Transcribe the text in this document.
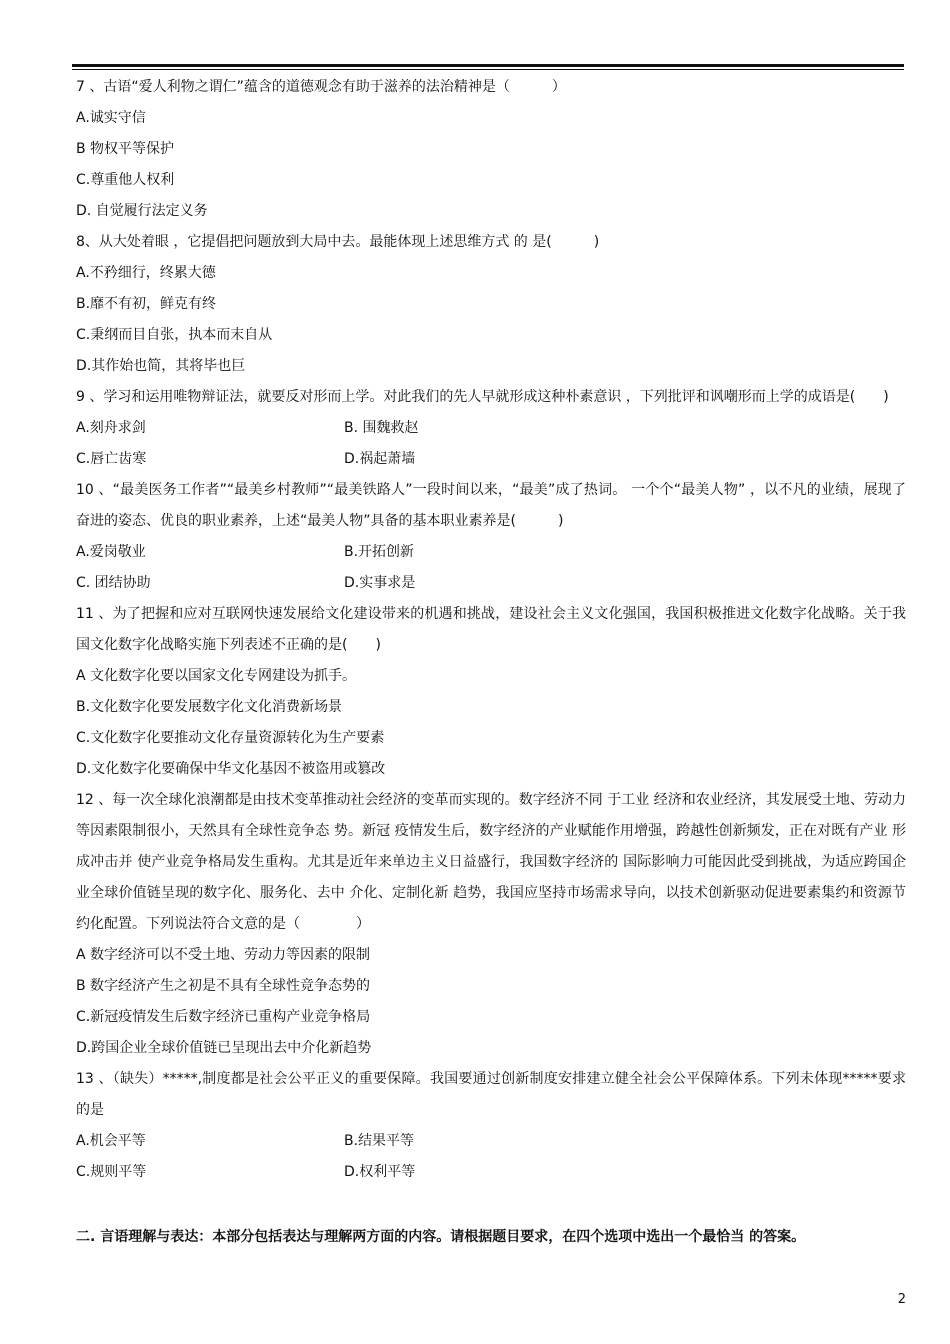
7 、古语“爱人利物之谓仁”蕴含的道德观念有助于滋养的法治精神是（　　　）
A.诚实守信
B 物权平等保护
C.尊重他人权利
D. 自觉履行法定义务
8、从大处着眼 ，它提倡把问题放到大局中去。最能体现上述思维方式 的 是(　　　)
A.不矜细行，终累大德
B.靡不有初，鲜克有终
C.秉纲而目自张，执本而末自从
D.其作始也简，其将毕也巨
9 、学习和运用唯物辩证法，就要反对形而上学。对此我们的先人早就形成这种朴素意识 ，下列批评和讽嘲形而上学的成语是(　　)
A.刻舟求剑	B. 围魏救赵
C.唇亡齿寒	D.祸起萧墙
10 、“最美医务工作者”“最美乡村教师”“最美铁路人”一段时间以来，“最美”成了热词。 一个个“最美人物” ，以不凡的业绩，展现了奋进的姿态、优良的职业素养，上述“最美人物”具备的基本职业素养是(　　　)
A.爱岗敬业	B.开拓创新
C. 团结协助	D.实事求是
11 、为了把握和应对互联网快速发展给文化建设带来的机遇和挑战，建设社会主义文化强国，我国积极推进文化数字化战略。关于我国文化数字化战略实施下列表述不正确的是(　　)
A 文化数字化要以国家文化专网建设为抓手。
B.文化数字化要发展数字化文化消费新场景
C.文化数字化要推动文化存量资源转化为生产要素
D.文化数字化要确保中华文化基因不被盗用或篡改
12 、每一次全球化浪潮都是由技术变革推动社会经济的变革而实现的。数字经济不同 于工业 经济和农业经济，其发展受土地、劳动力等因素限制很小，天然具有全球性竞争态 势。新冠 疫情发生后，数字经济的产业赋能作用增强，跨越性创新频发，正在对既有产业 形成冲击并 使产业竞争格局发生重构。尤其是近年来单边主义日益盛行，我国数字经济的 国际影响力可能因此受到挑战，为适应跨国企业全球价值链呈现的数字化、服务化、去中 介化、定制化新 趋势，我国应坚持市场需求导向，以技术创新驱动促进要素集约和资源节约化配置。下列说法符合文意的是（　　　　）
A 数字经济可以不受土地、劳动力等因素的限制
B 数字经济产生之初是不具有全球性竞争态势的
C.新冠疫情发生后数字经济已重构产业竞争格局
D.跨国企业全球价值链已呈现出去中介化新趋势
13 、（缺失）*****,制度都是社会公平正义的重要保障。我国要通过创新制度安排建立健全社会公平保障体系。下列未体现*****要求的是
A.机会平等	B.结果平等
C.规则平等	D.权利平等
二. 言语理解与表达：本部分包括表达与理解两方面的内容。请根据题目要求，在四个选项中选出一个最恰当 的答案。
2
